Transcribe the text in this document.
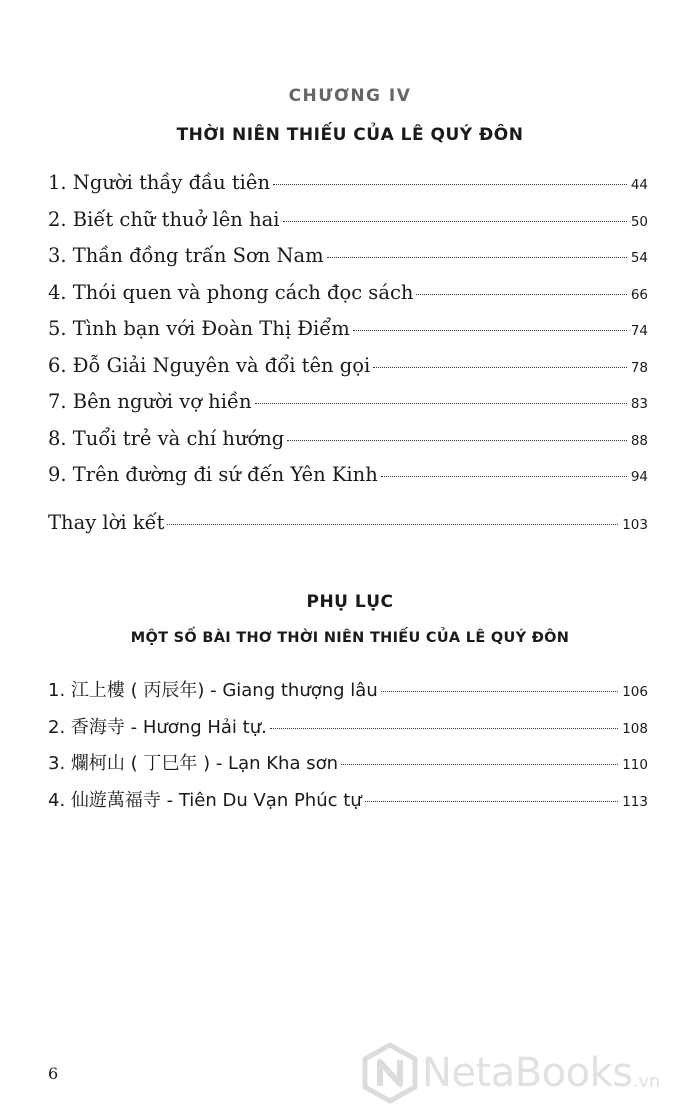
CHƯƠNG IV
THỜI NIÊN THIẾU CỦA LÊ QUÝ ĐÔN
1. Người thầy đầu tiên	44
2. Biết chữ thuở lên hai	50
3. Thần đồng trấn Sơn Nam	54
4. Thói quen và phong cách đọc sách	66
5. Tình bạn với Đoàn Thị Điểm	74
6. Đỗ Giải Nguyên và đổi tên gọi	78
7. Bên người vợ hiền	83
8. Tuổi trẻ và chí hướng	88
9. Trên đường đi sứ đến Yên Kinh	94
Thay lời kết	103
PHỤ LỤC
MỘT SỐ BÀI THƠ THỜI NIÊN THIẾU CỦA LÊ QUÝ ĐÔN
1. 江上樓 ( 丙辰年) - Giang thượng lâu	106
2. 香海寺 - Hương Hải tự.	108
3. 爛柯山 ( 丁巳年 ) - Lạn Kha sơn	110
4. 仙遊萬福寺 - Tiên Du Vạn Phúc tự	113
6	NetaBooks .vn
